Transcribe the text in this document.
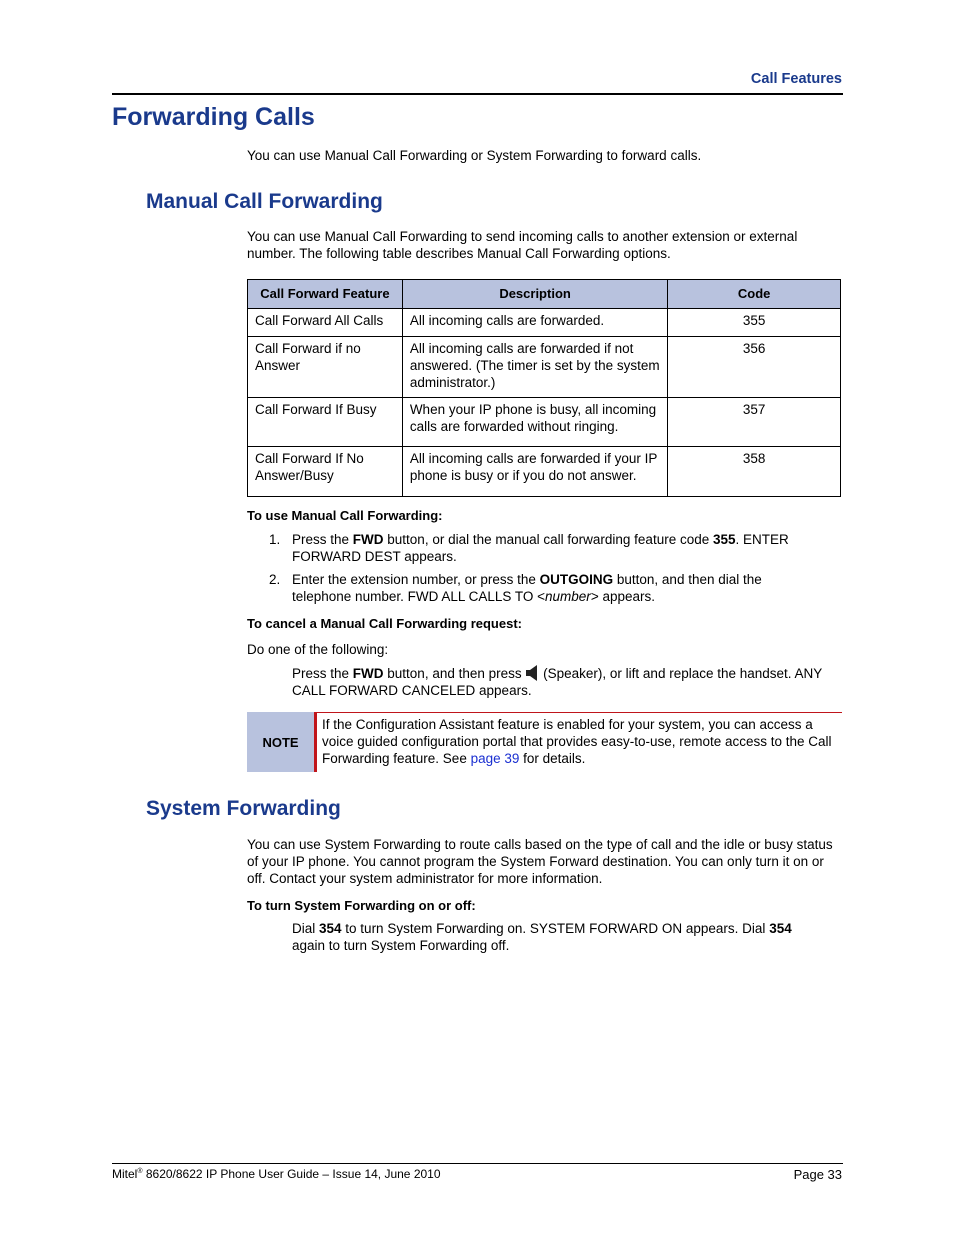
Call Features
Forwarding Calls
You can use Manual Call Forwarding or System Forwarding to forward calls.
Manual Call Forwarding
You can use Manual Call Forwarding to send incoming calls to another extension or external
number. The following table describes Manual Call Forwarding options.
Call Forward Feature	Description	Code
Call Forward All Calls	All incoming calls are forwarded.	355
Call Forward if no Answer	All incoming calls are forwarded if not answered. (The timer is set by the system administrator.)	356
Call Forward If Busy	When your IP phone is busy, all incoming calls are forwarded without ringing.	357
Call Forward If No Answer/Busy	All incoming calls are forwarded if your IP phone is busy or if you do not answer.	358
To use Manual Call Forwarding:
1. Press the FWD button, or dial the manual call forwarding feature code 355. ENTER FORWARD DEST appears.
2. Enter the extension number, or press the OUTGOING button, and then dial the telephone number. FWD ALL CALLS TO <number> appears.
To cancel a Manual Call Forwarding request:
Do one of the following:
Press the FWD button, and then press  (Speaker), or lift and replace the handset. ANY CALL FORWARD CANCELED appears.
NOTE
If the Configuration Assistant feature is enabled for your system, you can access a voice guided configuration portal that provides easy-to-use, remote access to the Call Forwarding feature. See page 39 for details.
System Forwarding
You can use System Forwarding to route calls based on the type of call and the idle or busy status of your IP phone. You cannot program the System Forward destination. You can only turn it on or off. Contact your system administrator for more information.
To turn System Forwarding on or off:
Dial 354 to turn System Forwarding on. SYSTEM FORWARD ON appears. Dial 354 again to turn System Forwarding off.
Mitel® 8620/8622 IP Phone User Guide – Issue 14, June 2010	Page 33
